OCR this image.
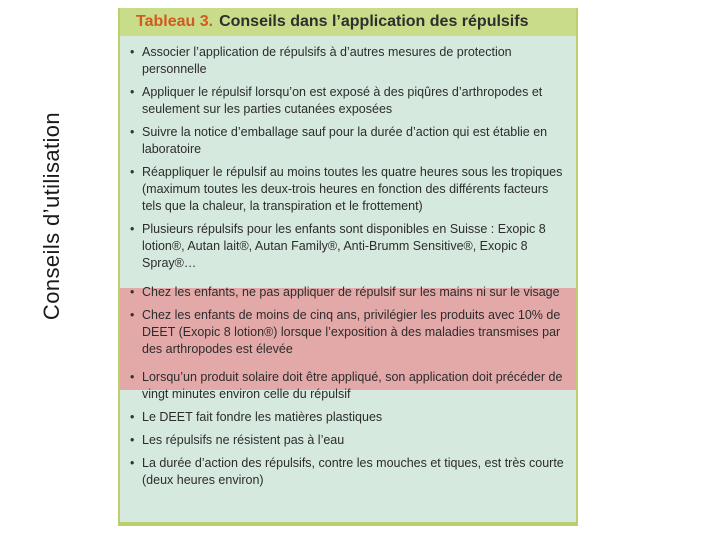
Conseils d’utilisation
Tableau 3. Conseils dans l’application des répulsifs
• Associer l’application de répulsifs à d’autres mesures de protection personnelle
• Appliquer le répulsif lorsqu’on est exposé à des piqûres d’arthropodes et seulement sur les parties cutanées exposées
• Suivre la notice d’emballage sauf pour la durée d’action qui est établie en laboratoire
• Réappliquer le répulsif au moins toutes les quatre heures sous les tropiques (maximum toutes les deux-trois heures en fonction des différents facteurs tels que la chaleur, la transpiration et le frottement)
• Plusieurs répulsifs pour les enfants sont disponibles en Suisse : Exopic 8 lotion®, Autan lait®, Autan Family®, Anti-Brumm Sensitive®, Exopic 8 Spray®…
• Chez les enfants, ne pas appliquer de répulsif sur les mains ni sur le visage
• Chez les enfants de moins de cinq ans, privilégier les produits avec 10% de DEET (Exopic 8 lotion®) lorsque l’exposition à des maladies transmises par des arthropodes est élevée
• Lorsqu’un produit solaire doit être appliqué, son application doit précéder de vingt minutes environ celle du répulsif
• Le DEET fait fondre les matières plastiques
• Les répulsifs ne résistent pas à l’eau
• La durée d’action des répulsifs, contre les mouches et tiques, est très courte (deux heures environ)
